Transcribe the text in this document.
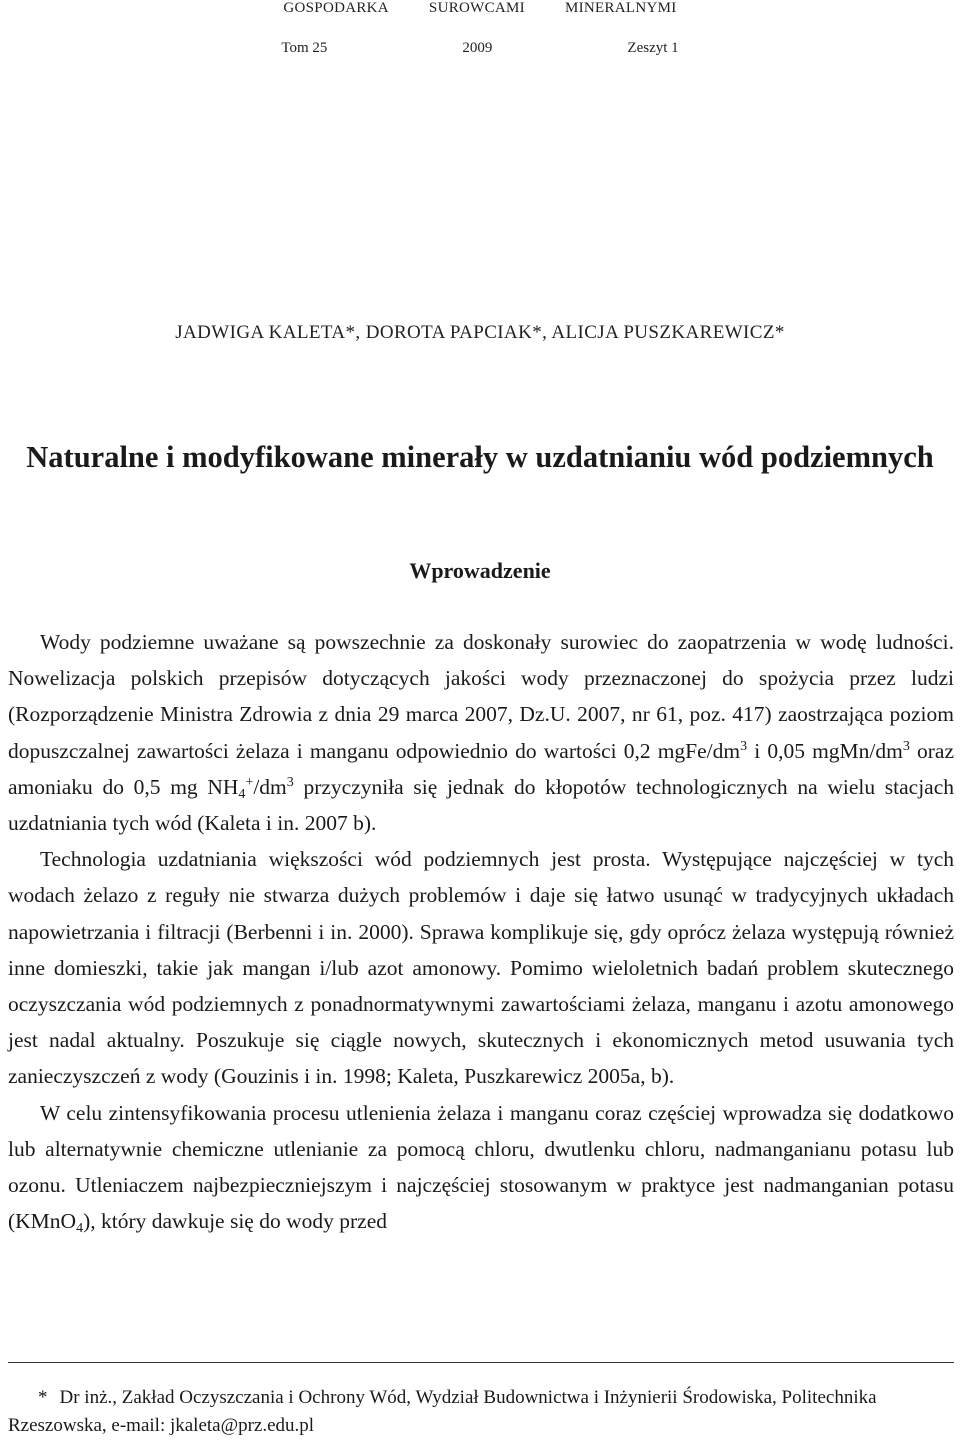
GOSPODARKA	SUROWCAMI	MINERALNYMI
Tom 25	2009	Zeszyt 1
JADWIGA KALETA*, DOROTA PAPCIAK*, ALICJA PUSZKAREWICZ*
Naturalne i modyfikowane minerały w uzdatnianiu wód podziemnych
Wprowadzenie

Wody podziemne uważane są powszechnie za doskonały surowiec do zaopatrzenia w wodę ludności. Nowelizacja polskich przepisów dotyczących jakości wody przeznaczonej do spożycia przez ludzi (Rozporządzenie Ministra Zdrowia z dnia 29 marca 2007, Dz.U. 2007, nr 61, poz. 417) zaostrzająca poziom dopuszczalnej zawartości żelaza i manganu odpowiednio do wartości 0,2 mgFe/$dm^3$ i 0,05 mgMn/$dm^3$ oraz amoniaku do 0,5 mg $NH_4^+/dm^3$ przyczyniła się jednak do kłopotów technologicznych na wielu stacjach uzdatniania tych wód (Kaleta i in. 2007 b).

Technologia uzdatniania większości wód podziemnych jest prosta. Występujące najczęściej w tych wodach żelazo z reguły nie stwarza dużych problemów i daje się łatwo usunąć w tradycyjnych układach napowietrzania i filtracji (Berbenni i in. 2000). Sprawa komplikuje się, gdy oprócz żelaza występują również inne domieszki, takie jak mangan i/lub azot amonowy. Pomimo wieloletnich badań problem skutecznego oczyszczania wód podziemnych z ponadnormatywnymi zawartościami żelaza, manganu i azotu amonowego jest nadal aktualny. Poszukuje się ciągle nowych, skutecznych i ekonomicznych metod usuwania tych zanieczyszczeń z wody (Gouzinis i in. 1998; Kaleta, Puszkarewicz 2005a, b).

W celu zintensyfikowania procesu utlenienia żelaza i manganu coraz częściej wprowadza się dodatkowo lub alternatywnie chemiczne utlenianie za pomocą chloru, dwutlenku chloru, nadmanganianu potasu lub ozonu. Utleniaczem najbezpieczniejszym i najczęściej stosowanym w praktyce jest nadmanganian potasu (KMnO$_4$), który dawkuje się do wody przed

* Dr inż., Zakład Oczyszczania i Ochrony Wód, Wydział Budownictwa i Inżynierii Środowiska, Politechnika Rzeszowska, e-mail: jkaleta@prz.edu.pl
